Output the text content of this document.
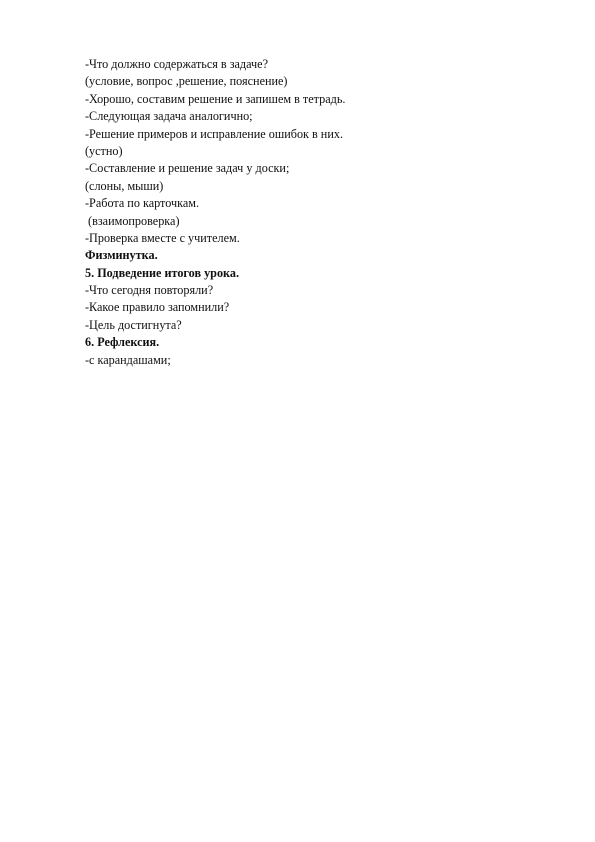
-Что должно содержаться в задаче?
(условие, вопрос ,решение, пояснение)
-Хорошо, составим решение и запишем в тетрадь.
-Следующая задача аналогично;
-Решение примеров и исправление ошибок в них.
(устно)
-Составление и решение задач у доски;
(слоны, мыши)
-Работа по карточкам.
(взаимопроверка)
-Проверка вместе с учителем.
Физминутка.
5. Подведение итогов урока.
-Что сегодня повторяли?
-Какое правило запомнили?
-Цель достигнута?
6. Рефлексия.
-с карандашами;
